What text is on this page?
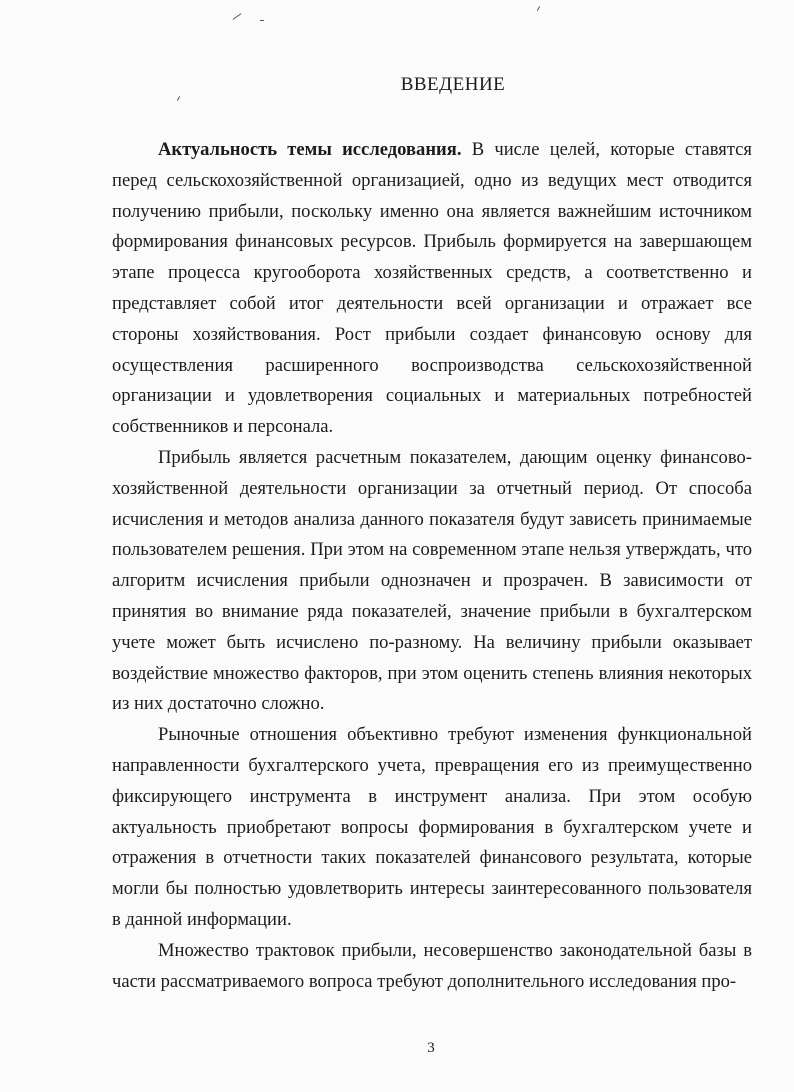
ВВЕДЕНИЕ

Актуальность темы исследования. В числе целей, которые ставятся перед сельскохозяйственной организацией, одно из ведущих мест отводится получению прибыли, поскольку именно она является важнейшим источником формирования финансовых ресурсов. Прибыль формируется на завершающем этапе процесса кругооборота хозяйственных средств, а соответственно и представляет собой итог деятельности всей организации и отражает все стороны хозяйствования. Рост прибыли создает финансовую основу для осуществления расширенного воспроизводства сельскохозяйственной организации и удовлетворения социальных и материальных потребностей собственников и персонала.

Прибыль является расчетным показателем, дающим оценку финансово-хозяйственной деятельности организации за отчетный период. От способа исчисления и методов анализа данного показателя будут зависеть принимаемые пользователем решения. При этом на современном этапе нельзя утверждать, что алгоритм исчисления прибыли однозначен и прозрачен. В зависимости от принятия во внимание ряда показателей, значение прибыли в бухгалтерском учете может быть исчислено по-разному. На величину прибыли оказывает воздействие множество факторов, при этом оценить степень влияния некоторых из них достаточно сложно.

Рыночные отношения объективно требуют изменения функциональной направленности бухгалтерского учета, превращения его из преимущественно фиксирующего инструмента в инструмент анализа. При этом особую актуальность приобретают вопросы формирования в бухгалтерском учете и отражения в отчетности таких показателей финансового результата, которые могли бы полностью удовлетворить интересы заинтересованного пользователя в данной информации.

Множество трактовок прибыли, несовершенство законодательной базы в части рассматриваемого вопроса требуют дополнительного исследования про-

3
